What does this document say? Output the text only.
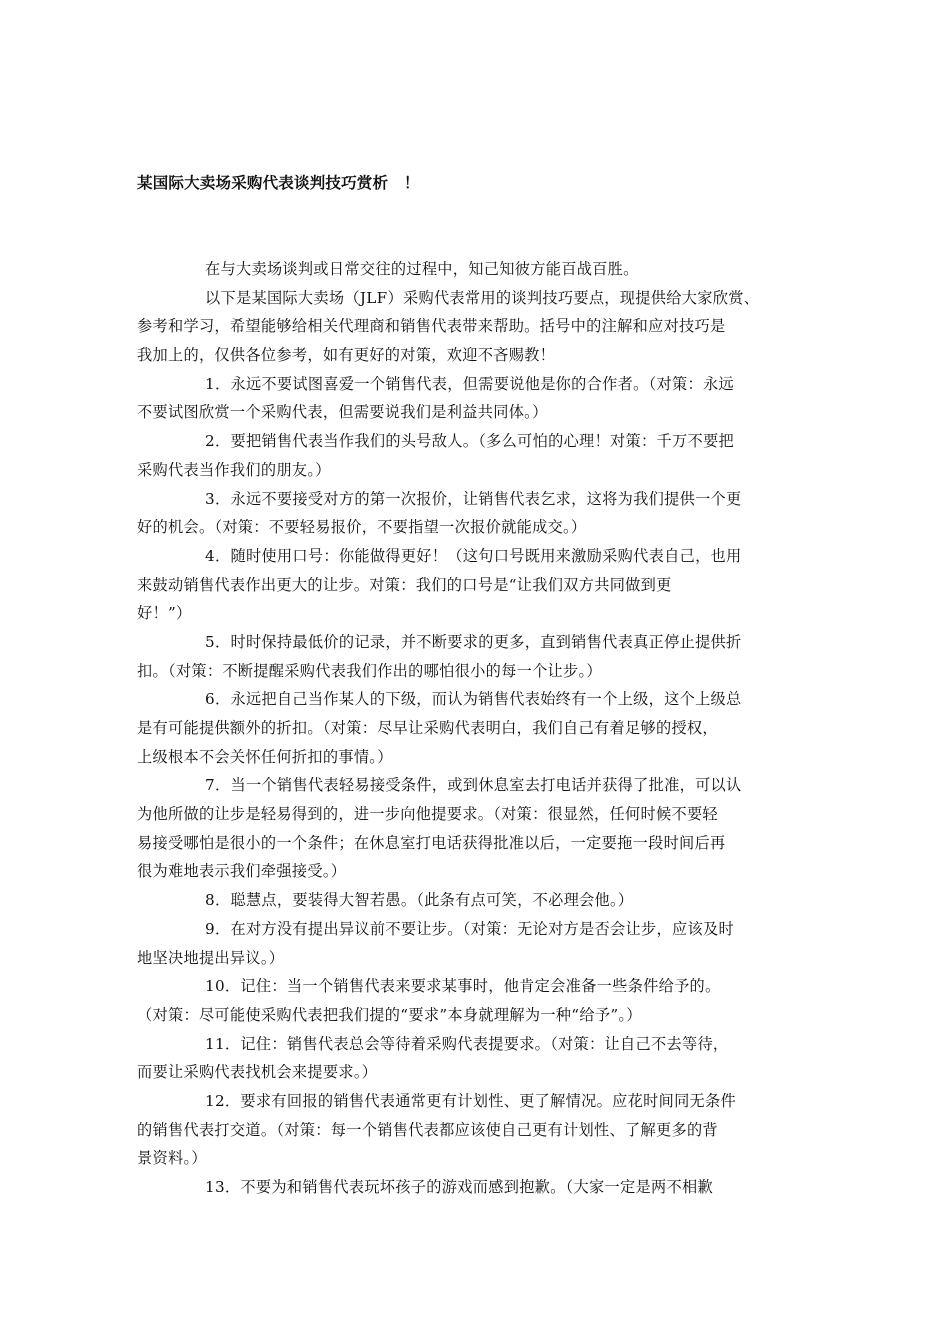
某国际大卖场采购代表谈判技巧赏析　！
在与大卖场谈判或日常交往的过程中，知己知彼方能百战百胜。
以下是某国际大卖场（JLF）采购代表常用的谈判技巧要点，现提供给大家欣赏、
参考和学习，希望能够给相关代理商和销售代表带来帮助。括号中的注解和应对技巧是
我加上的，仅供各位参考，如有更好的对策，欢迎不吝赐教！
1．永远不要试图喜爱一个销售代表，但需要说他是你的合作者。（对策：永远
不要试图欣赏一个采购代表，但需要说我们是利益共同体。）
2．要把销售代表当作我们的头号敌人。（多么可怕的心理！对策：千万不要把
采购代表当作我们的朋友。）
3．永远不要接受对方的第一次报价，让销售代表乞求，这将为我们提供一个更
好的机会。（对策：不要轻易报价，不要指望一次报价就能成交。）
4．随时使用口号：你能做得更好！（这句口号既用来激励采购代表自己，也用
来鼓动销售代表作出更大的让步。对策：我们的口号是“让我们双方共同做到更
好！”）
5．时时保持最低价的记录，并不断要求的更多，直到销售代表真正停止提供折
扣。（对策：不断提醒采购代表我们作出的哪怕很小的每一个让步。）
6．永远把自己当作某人的下级，而认为销售代表始终有一个上级，这个上级总
是有可能提供额外的折扣。（对策：尽早让采购代表明白，我们自己有着足够的授权，
上级根本不会关怀任何折扣的事情。）
7．当一个销售代表轻易接受条件，或到休息室去打电话并获得了批准，可以认
为他所做的让步是轻易得到的，进一步向他提要求。（对策：很显然，任何时候不要轻
易接受哪怕是很小的一个条件；在休息室打电话获得批准以后，一定要拖一段时间后再
很为难地表示我们牵强接受。）
8．聪慧点，要装得大智若愚。（此条有点可笑，不必理会他。）
9．在对方没有提出异议前不要让步。（对策：无论对方是否会让步，应该及时
地坚决地提出异议。）
10．记住：当一个销售代表来要求某事时，他肯定会准备一些条件给予的。
（对策：尽可能使采购代表把我们提的“要求”本身就理解为一种“给予”。）
11．记住：销售代表总会等待着采购代表提要求。（对策：让自己不去等待，
而要让采购代表找机会来提要求。）
12．要求有回报的销售代表通常更有计划性、更了解情况。应花时间同无条件
的销售代表打交道。（对策：每一个销售代表都应该使自己更有计划性、了解更多的背
景资料。）
13．不要为和销售代表玩坏孩子的游戏而感到抱歉。（大家一定是两不相歉
